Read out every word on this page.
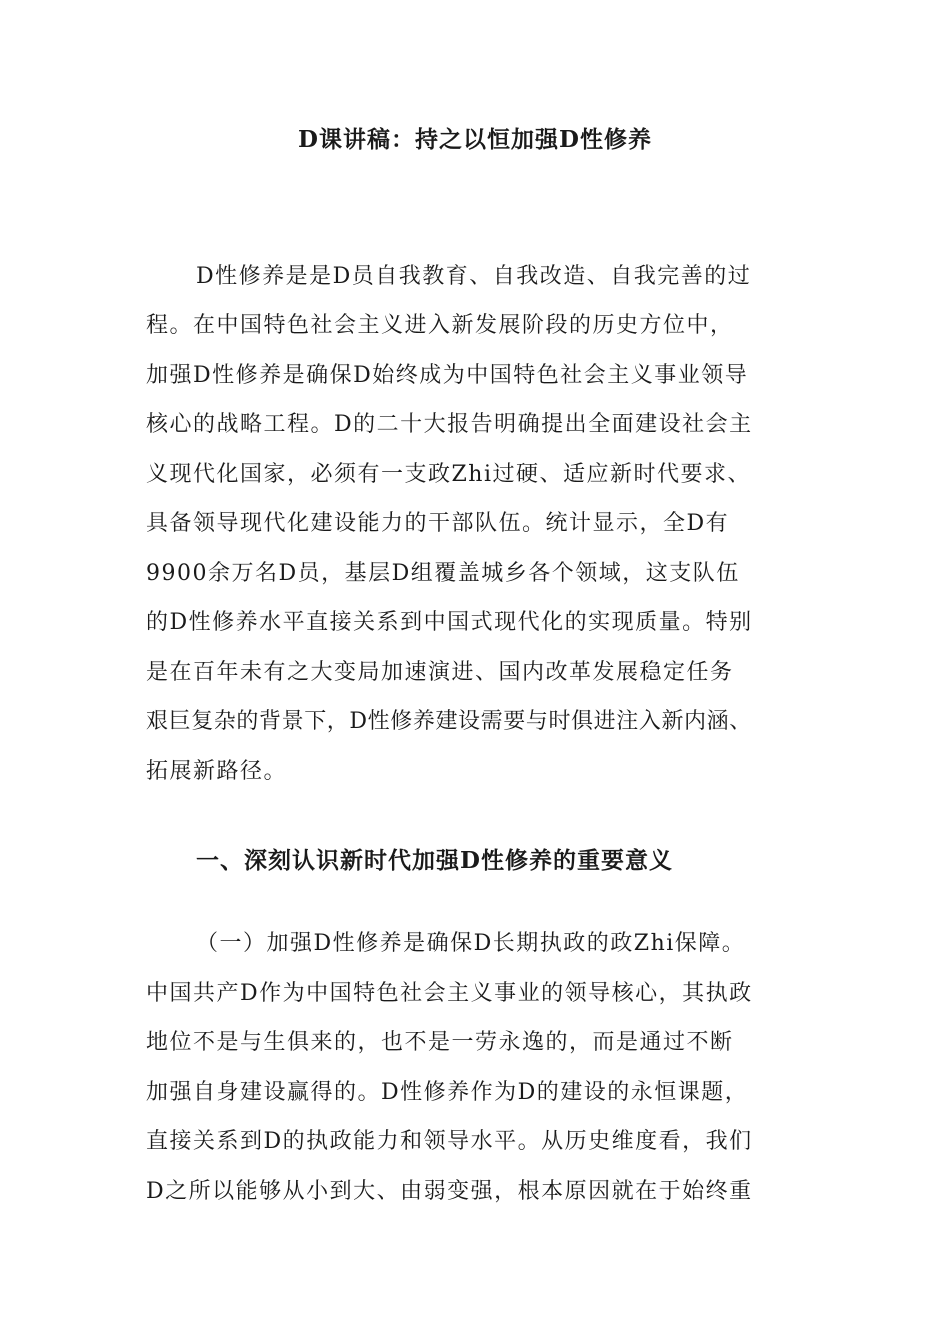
D课讲稿：持之以恒加强D性修养
D性修养是是D员自我教育、自我改造、自我完善的过
程。在中国特色社会主义进入新发展阶段的历史方位中，
加强D性修养是确保D始终成为中国特色社会主义事业领导
核心的战略工程。D的二十大报告明确提出全面建设社会主
义现代化国家，必须有一支政Zhi过硬、适应新时代要求、
具备领导现代化建设能力的干部队伍。统计显示，全D有
9900余万名D员，基层D组覆盖城乡各个领域，这支队伍
的D性修养水平直接关系到中国式现代化的实现质量。特别
是在百年未有之大变局加速演进、国内改革发展稳定任务
艰巨复杂的背景下，D性修养建设需要与时俱进注入新内涵、
拓展新路径。
一、深刻认识新时代加强D性修养的重要意义
（一）加强D性修养是确保D长期执政的政Zhi保障。
中国共产D作为中国特色社会主义事业的领导核心，其执政
地位不是与生俱来的，也不是一劳永逸的，而是通过不断
加强自身建设赢得的。D性修养作为D的建设的永恒课题，
直接关系到D的执政能力和领导水平。从历史维度看，我们
D之所以能够从小到大、由弱变强，根本原因就在于始终重
